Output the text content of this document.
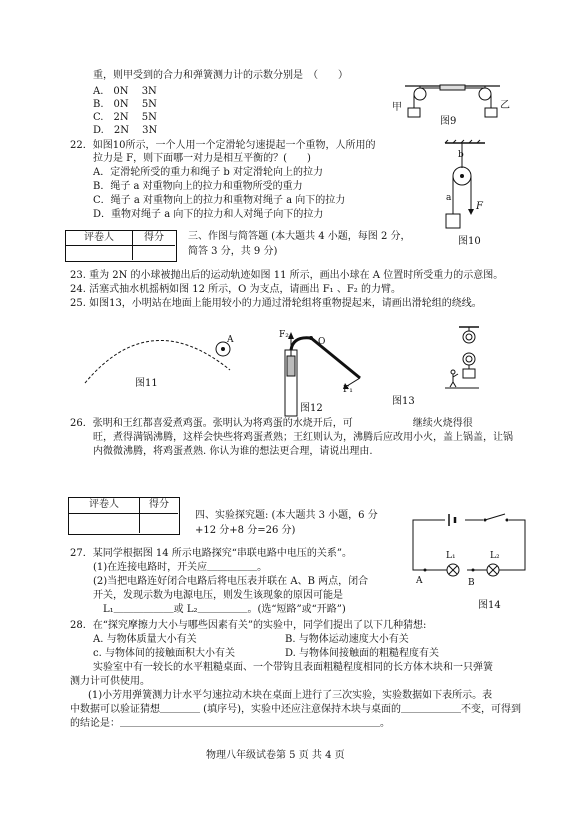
重，则甲受到的合力和弹簧测力计的示数分别是　（　　）
A.　0N　 3N
B.　0N　 5N
C.　2N　 5N
D.　2N　 3N
甲	乙
图9
22．如图10所示，一个人用一个定滑轮匀速提起一个重物，人所用的
拉力是 F，则下面哪一对力是相互平衡的？(　　)
A．定滑轮所受的重力和绳子 b 对定滑轮向上的拉力
B．绳子 a 对重物向上的拉力和重物所受的重力
C．绳子 a 对重物向上的拉力和重物对绳子 a 向下的拉力
D．重物对绳子 a 向下的拉力和人对绳子向下的拉力
b
a
F
图10
评卷人	得分	三、作图与简答题 (本大题共 4 小题，每图 2 分，
简答 3 分，共 9 分)
23. 重为 2N 的小球被抛出后的运动轨迹如图 11 所示，画出小球在 A 位置时所受重力的示意图。
24. 活塞式抽水机摇柄如图 12 所示，O 为支点，请画出 F₁ 、F₂ 的力臂。
25. 如图13，小明站在地面上能用较小的力通过滑轮组将重物提起来，请画出滑轮组的绕线。
A
图11
F₂
O
F₁
图12
图13
26．张明和王红都喜爱煮鸡蛋。张明认为将鸡蛋的水烧开后，可　　　　　　继续火烧得很
旺，煮得满锅沸腾，这样会快些将鸡蛋煮熟；王红则认为，沸腾后应改用小火，盖上锅盖，让锅
内微微沸腾，将鸡蛋煮熟. 你认为谁的想法更合理，请说出理由.
评卷人	得分
四、实验探究题: (本大题共 3 小题，6 分
+12 分+8 分=26 分)
A	B
L₁	L₂
图14
27．某同学根据图 14 所示电路探究“串联电路中电压的关系”。
(1)在连接电路时，开关应＿＿＿＿＿。
(2)当把电路连好闭合电路后将电压表并联在 A、B 两点，闭合
开关，发现示数为电源电压，则发生该现象的原因可能是
L₁＿＿＿＿＿＿或 L₂＿＿＿＿＿。(选“短路”或“开路”)
28．在“探究摩擦力大小与哪些因素有关”的实验中，同学们提出了以下几种猜想:
A. 与物体质量大小有关	B. 与物体运动速度大小有关
c. 与物体间的接触面积大小有关	D. 与物体间接触面的粗糙程度有关
实验室中有一较长的水平粗糙桌面、一个带钩且表面粗糙程度相同的长方体木块和一只弹簧
测力计可供使用。
(1)小芳用弹簧测力计水平匀速拉动木块在桌面上进行了三次实验，实验数据如下表所示。表
中数据可以验证猜想＿＿＿＿ (填序号)，实验中还应注意保持木块与桌面的＿＿＿＿＿＿不变，可得到
的结论是：＿＿＿＿＿＿＿＿＿＿＿＿＿＿＿＿＿＿＿＿＿＿＿＿＿＿。
物理八年级试卷第 5 页 共 4 页
